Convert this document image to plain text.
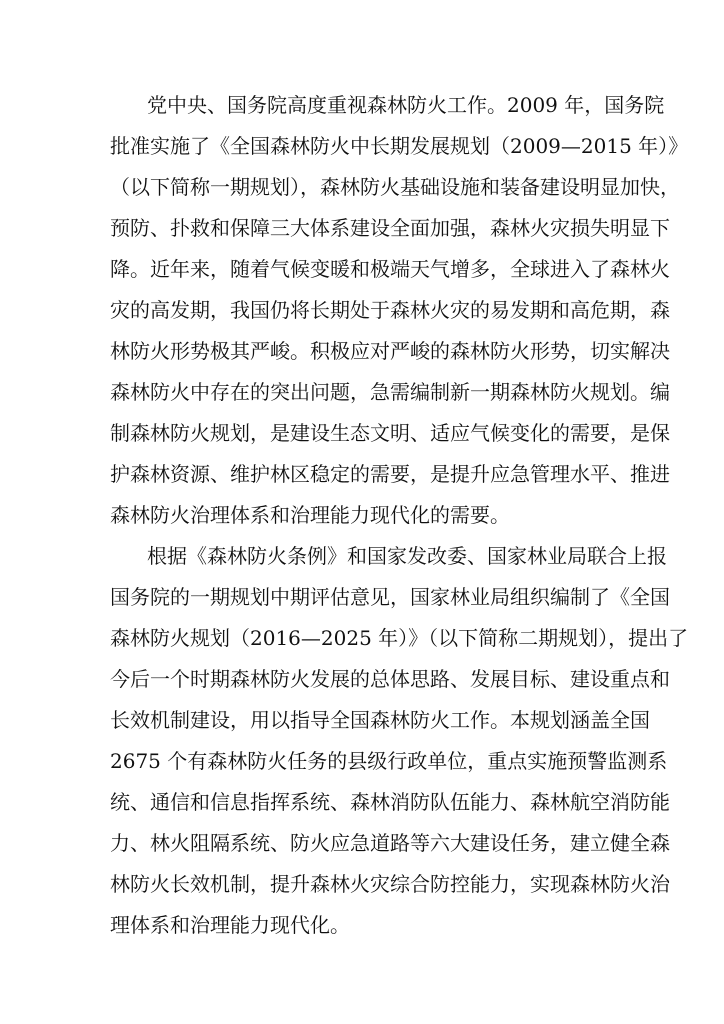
党中央、国务院高度重视森林防火工作。2009 年，国务院
批准实施了《全国森林防火中长期发展规划（2009—2015 年）》
（以下简称一期规划），森林防火基础设施和装备建设明显加快，
预防、扑救和保障三大体系建设全面加强，森林火灾损失明显下
降。近年来，随着气候变暖和极端天气增多，全球进入了森林火
灾的高发期，我国仍将长期处于森林火灾的易发期和高危期，森
林防火形势极其严峻。积极应对严峻的森林防火形势，切实解决
森林防火中存在的突出问题，急需编制新一期森林防火规划。编
制森林防火规划，是建设生态文明、适应气候变化的需要，是保
护森林资源、维护林区稳定的需要，是提升应急管理水平、推进
森林防火治理体系和治理能力现代化的需要。
根据《森林防火条例》和国家发改委、国家林业局联合上报
国务院的一期规划中期评估意见，国家林业局组织编制了《全国
森林防火规划（2016—2025 年）》（以下简称二期规划），提出了
今后一个时期森林防火发展的总体思路、发展目标、建设重点和
长效机制建设，用以指导全国森林防火工作。本规划涵盖全国
2675 个有森林防火任务的县级行政单位，重点实施预警监测系
统、通信和信息指挥系统、森林消防队伍能力、森林航空消防能
力、林火阻隔系统、防火应急道路等六大建设任务，建立健全森
林防火长效机制，提升森林火灾综合防控能力，实现森林防火治
理体系和治理能力现代化。
